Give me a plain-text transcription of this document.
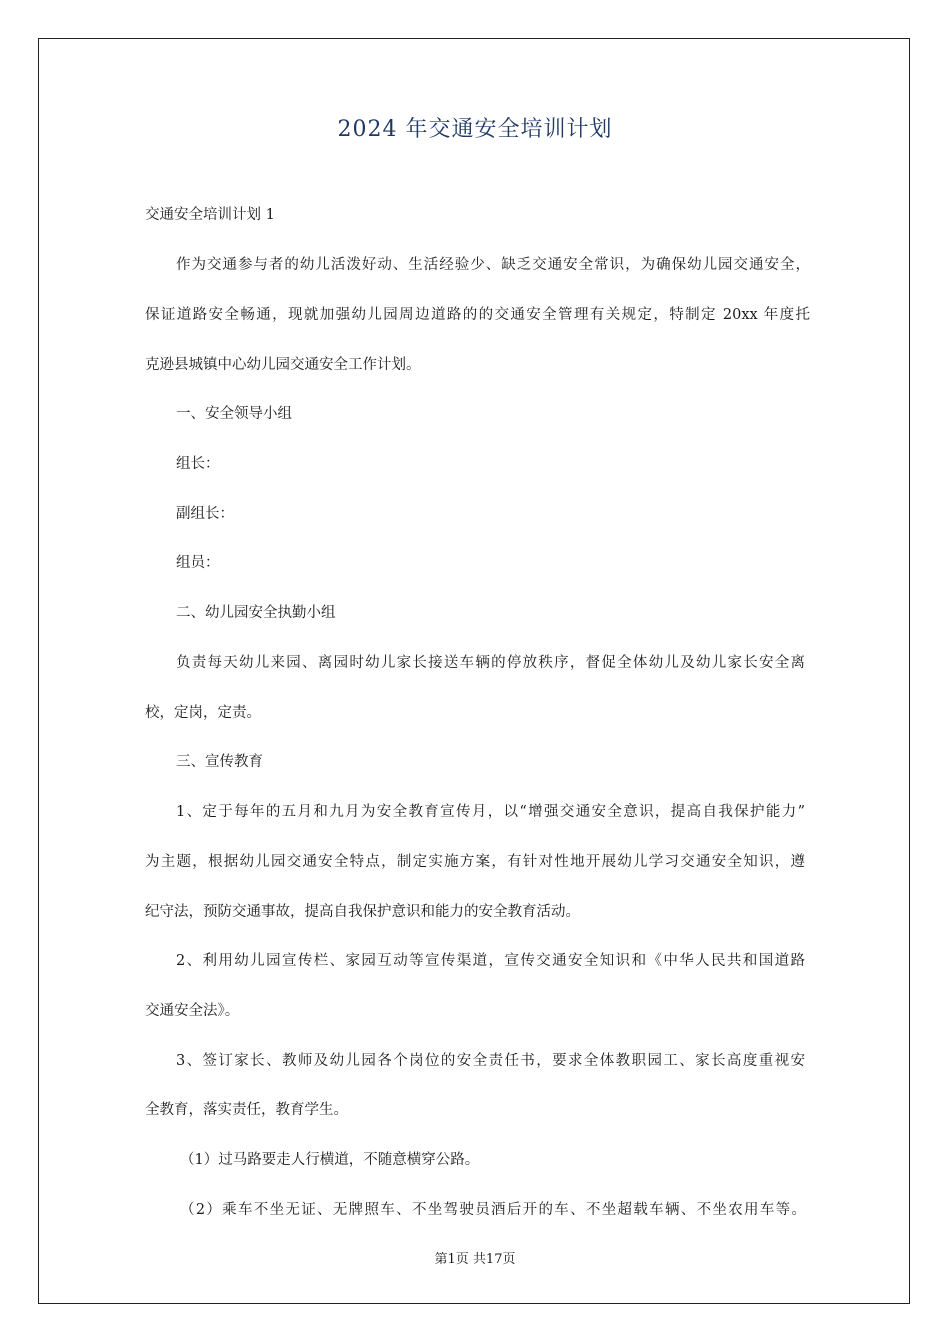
2024 年交通安全培训计划
交通安全培训计划 1
作为交通参与者的幼儿活泼好动、生活经验少、缺乏交通安全常识，为确保幼儿园交通安全，
保证道路安全畅通，现就加强幼儿园周边道路的的交通安全管理有关规定，特制定 20xx 年度托
克逊县城镇中心幼儿园交通安全工作计划。
一、安全领导小组
组长：
副组长：
组员：
二、幼儿园安全执勤小组
负责每天幼儿来园、离园时幼儿家长接送车辆的停放秩序，督促全体幼儿及幼儿家长安全离
校，定岗，定责。
三、宣传教育
1、定于每年的五月和九月为安全教育宣传月，以“增强交通安全意识，提高自我保护能力”
为主题，根据幼儿园交通安全特点，制定实施方案，有针对性地开展幼儿学习交通安全知识，遵
纪守法，预防交通事故，提高自我保护意识和能力的安全教育活动。
2、利用幼儿园宣传栏、家园互动等宣传渠道，宣传交通安全知识和《中华人民共和国道路
交通安全法》。
3、签订家长、教师及幼儿园各个岗位的安全责任书，要求全体教职园工、家长高度重视安
全教育，落实责任，教育学生。
（1）过马路要走人行横道，不随意横穿公路。
（2）乘车不坐无证、无牌照车、不坐驾驶员酒后开的车、不坐超载车辆、不坐农用车等。
第1页 共17页
